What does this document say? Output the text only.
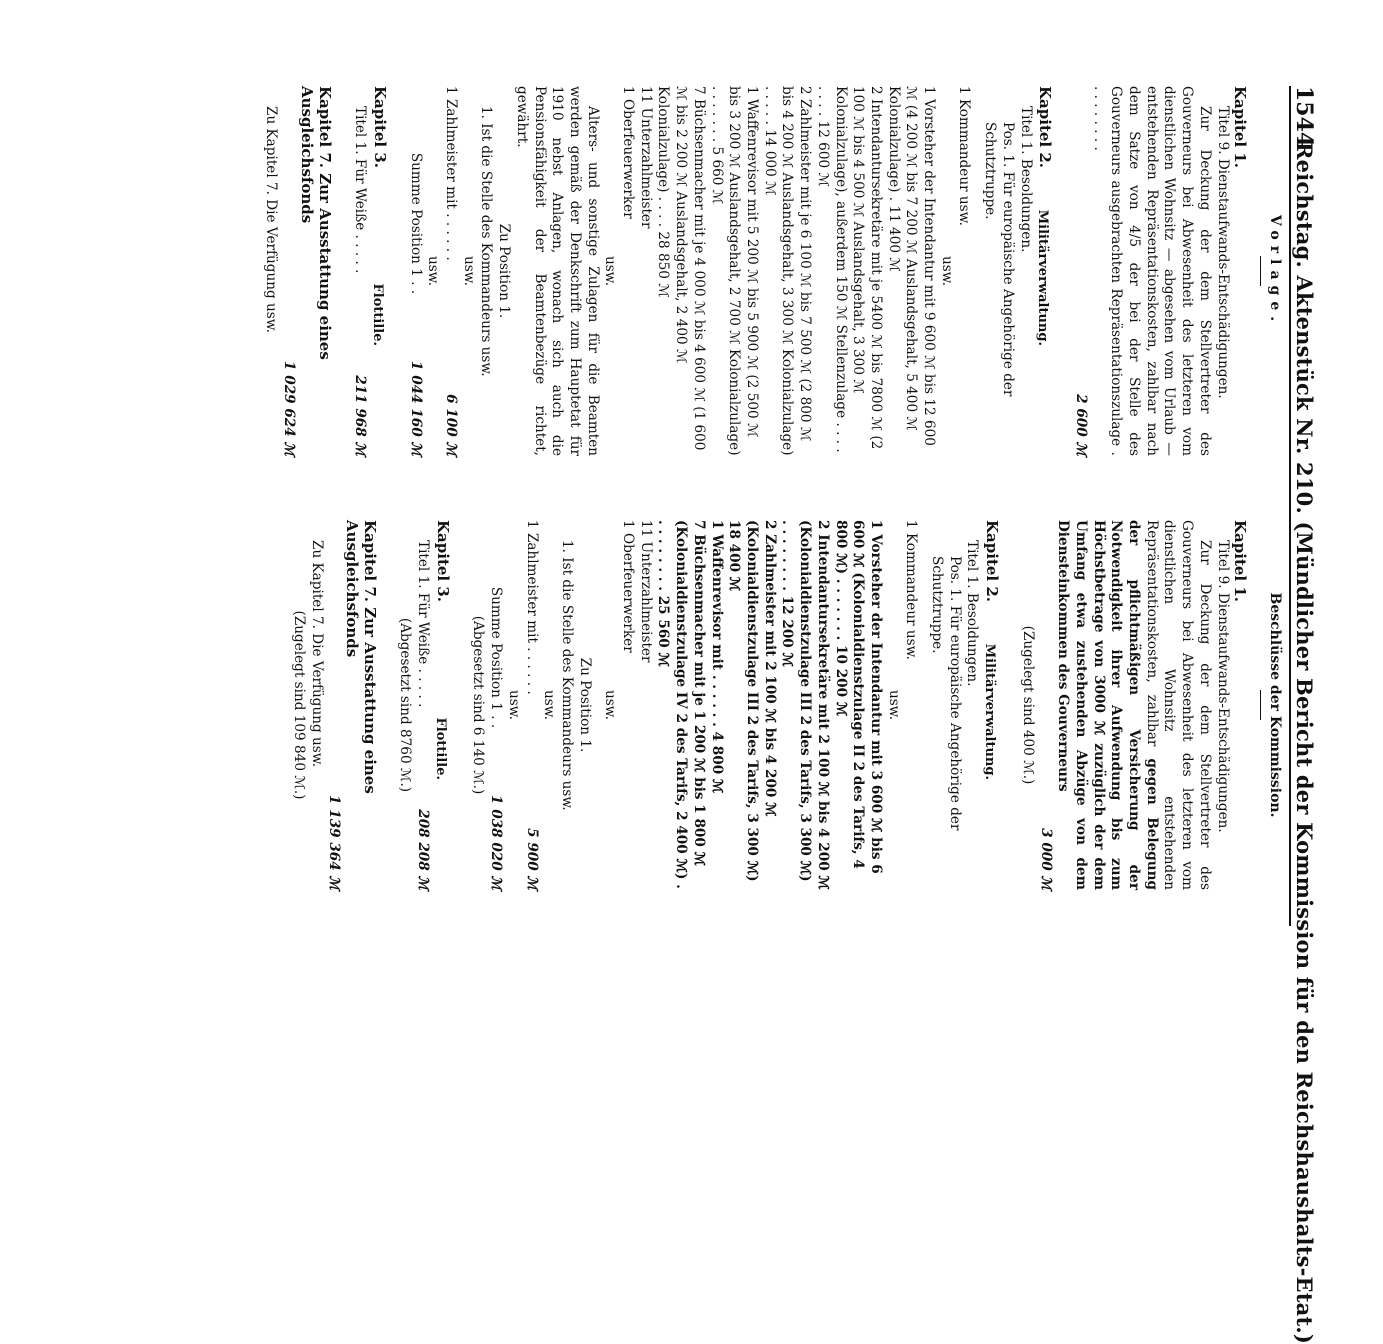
1544
Reichstag. Aktenstück Nr. 210. (Mündlicher Bericht der Kommission für den Reichshaushalts-Etat.)
Vorlage.
Kapitel 1.
Titel 9. Dienstaufwands-Entschädigungen.
Zur Deckung der dem Stellvertreter des Gouverneurs bei Abwesenheit des letzteren vom dienstlichen Wohnsitz — abgesehen vom Urlaub — entstehenden Repräsentationskosten, zahlbar nach dem Satze von 4/5 der bei der Stelle des Gouverneurs ausgebrachten Repräsentationszulage . . . . . . . . .
2 600 ℳ
Kapitel 2.
Militärverwaltung.
Titel 1. Besoldungen.
Pos. 1. Für europäische Angehörige der Schutztruppe.
1 Kommandeur usw.
usw.
1 Vorsteher der Intendantur mit 9 600 ℳ bis 12 600 ℳ (4 200 ℳ bis 7 200 ℳ Auslandsgehalt, 5 400 ℳ Kolonialzulage) . 11 400 ℳ
2 Intendantursekretäre mit je 5400 ℳ bis 7800 ℳ (2 100 ℳ bis 4 500 ℳ Auslandsgehalt, 3 300 ℳ Kolonialzulage), außerdem 150 ℳ Stellenzulage . . . . . . . . 12 600 ℳ
2 Zahlmeister mit je 6 100 ℳ bis 7 500 ℳ (2 800 ℳ bis 4 200 ℳ Auslandsgehalt, 3 300 ℳ Kolonialzulage) . . . . . 14 000 ℳ
1 Waffenrevisor mit 5 200 ℳ bis 5 900 ℳ (2 500 ℳ bis 3 200 ℳ Auslandsgehalt, 2 700 ℳ Kolonialzulage) . . . . . . . 5 660 ℳ
7 Büchsenmacher mit je 4 000 ℳ bis 4 600 ℳ (1 600 ℳ bis 2 200 ℳ Auslandsgehalt, 2 400 ℳ Kolonialzulage) . . . . 28 850 ℳ
11 Unterzahlmeister
1 Oberfeuerwerker
usw.
Alters- und sonstige Zulagen für die Beamten werden gemäß der Denkschrift zum Hauptetat für 1910 nebst Anlagen, wonach sich auch die Pensionsfähigkeit der Beamtenbezüge richtet, gewährt.
Zu Position 1.
1. Ist die Stelle des Kommandeurs usw.
usw.
1 Zahlmeister mit . . . . . .
6 100 ℳ
usw.
Summe Position 1 . .
1 044 160 ℳ
Kapitel 3.
Flottille.
Titel 1. Für Weiße . . . . .
211 968 ℳ
Kapitel 7. Zur Ausstattung eines Ausgleichsfonds
1 029 624 ℳ
Zu Kapitel 7. Die Verfügung usw.
Beschlüsse der Kommission.
Kapitel 1.
Titel 9. Dienstaufwands-Entschädigungen.
Zur Deckung der dem Stellvertreter des Gouverneurs bei Abwesenheit des letzteren vom dienstlichen Wohnsitz entstehenden Repräsentationskosten, zahlbar gegen Belegung der pflichtmäßigen Versicherung der Notwendigkeit ihrer Aufwendung bis zum Höchstbetrage von 3000 ℳ zuzüglich der dem Umfang etwa zustehenden Abzüge von dem Diensteinkommen des Gouverneurs
3 000 ℳ
(Zugelegt sind 400 ℳ.)
Kapitel 2.
Militärverwaltung.
Titel 1. Besoldungen.
Pos. 1. Für europäische Angehörige der Schutztruppe.
1 Kommandeur usw.
usw.
1 Vorsteher der Intendantur mit 3 600 ℳ bis 6 600 ℳ (Kolonialdienstzulage II 2 des Tarifs, 4 800 ℳ) . . . . . . . 10 200 ℳ
2 Intendantursekretäre mit 2 100 ℳ bis 4 200 ℳ (Kolonialdienstzulage III 2 des Tarifs, 3 300 ℳ) . . . . . . . . 12 200 ℳ
2 Zahlmeister mit 2 100 ℳ bis 4 200 ℳ (Kolonialdienstzulage III 2 des Tarifs, 3 300 ℳ) 18 400 ℳ
1 Waffenrevisor mit . . . . . . 4 800 ℳ
7 Büchsenmacher mit je 1 200 ℳ bis 1 800 ℳ (Kolonialdienstzulage IV 2 des Tarifs, 2 400 ℳ) . . . . . . . . . 25 560 ℳ
11 Unterzahlmeister
1 Oberfeuerwerker
usw.
Zu Position 1.
1. Ist die Stelle des Kommandeurs usw.
usw.
1 Zahlmeister mit . . . . . .
5 900 ℳ
usw.
Summe Position 1 . .
1 038 020 ℳ
(Abgesetzt sind 6 140 ℳ.)
Kapitel 3.
Flottille.
Titel 1. Für Weiße . . . . .
208 208 ℳ
(Abgesetzt sind 8760 ℳ.)
Kapitel 7. Zur Ausstattung eines Ausgleichsfonds
1 139 364 ℳ
Zu Kapitel 7. Die Verfügung usw.
(Zugelegt sind 109 840 ℳ.)
